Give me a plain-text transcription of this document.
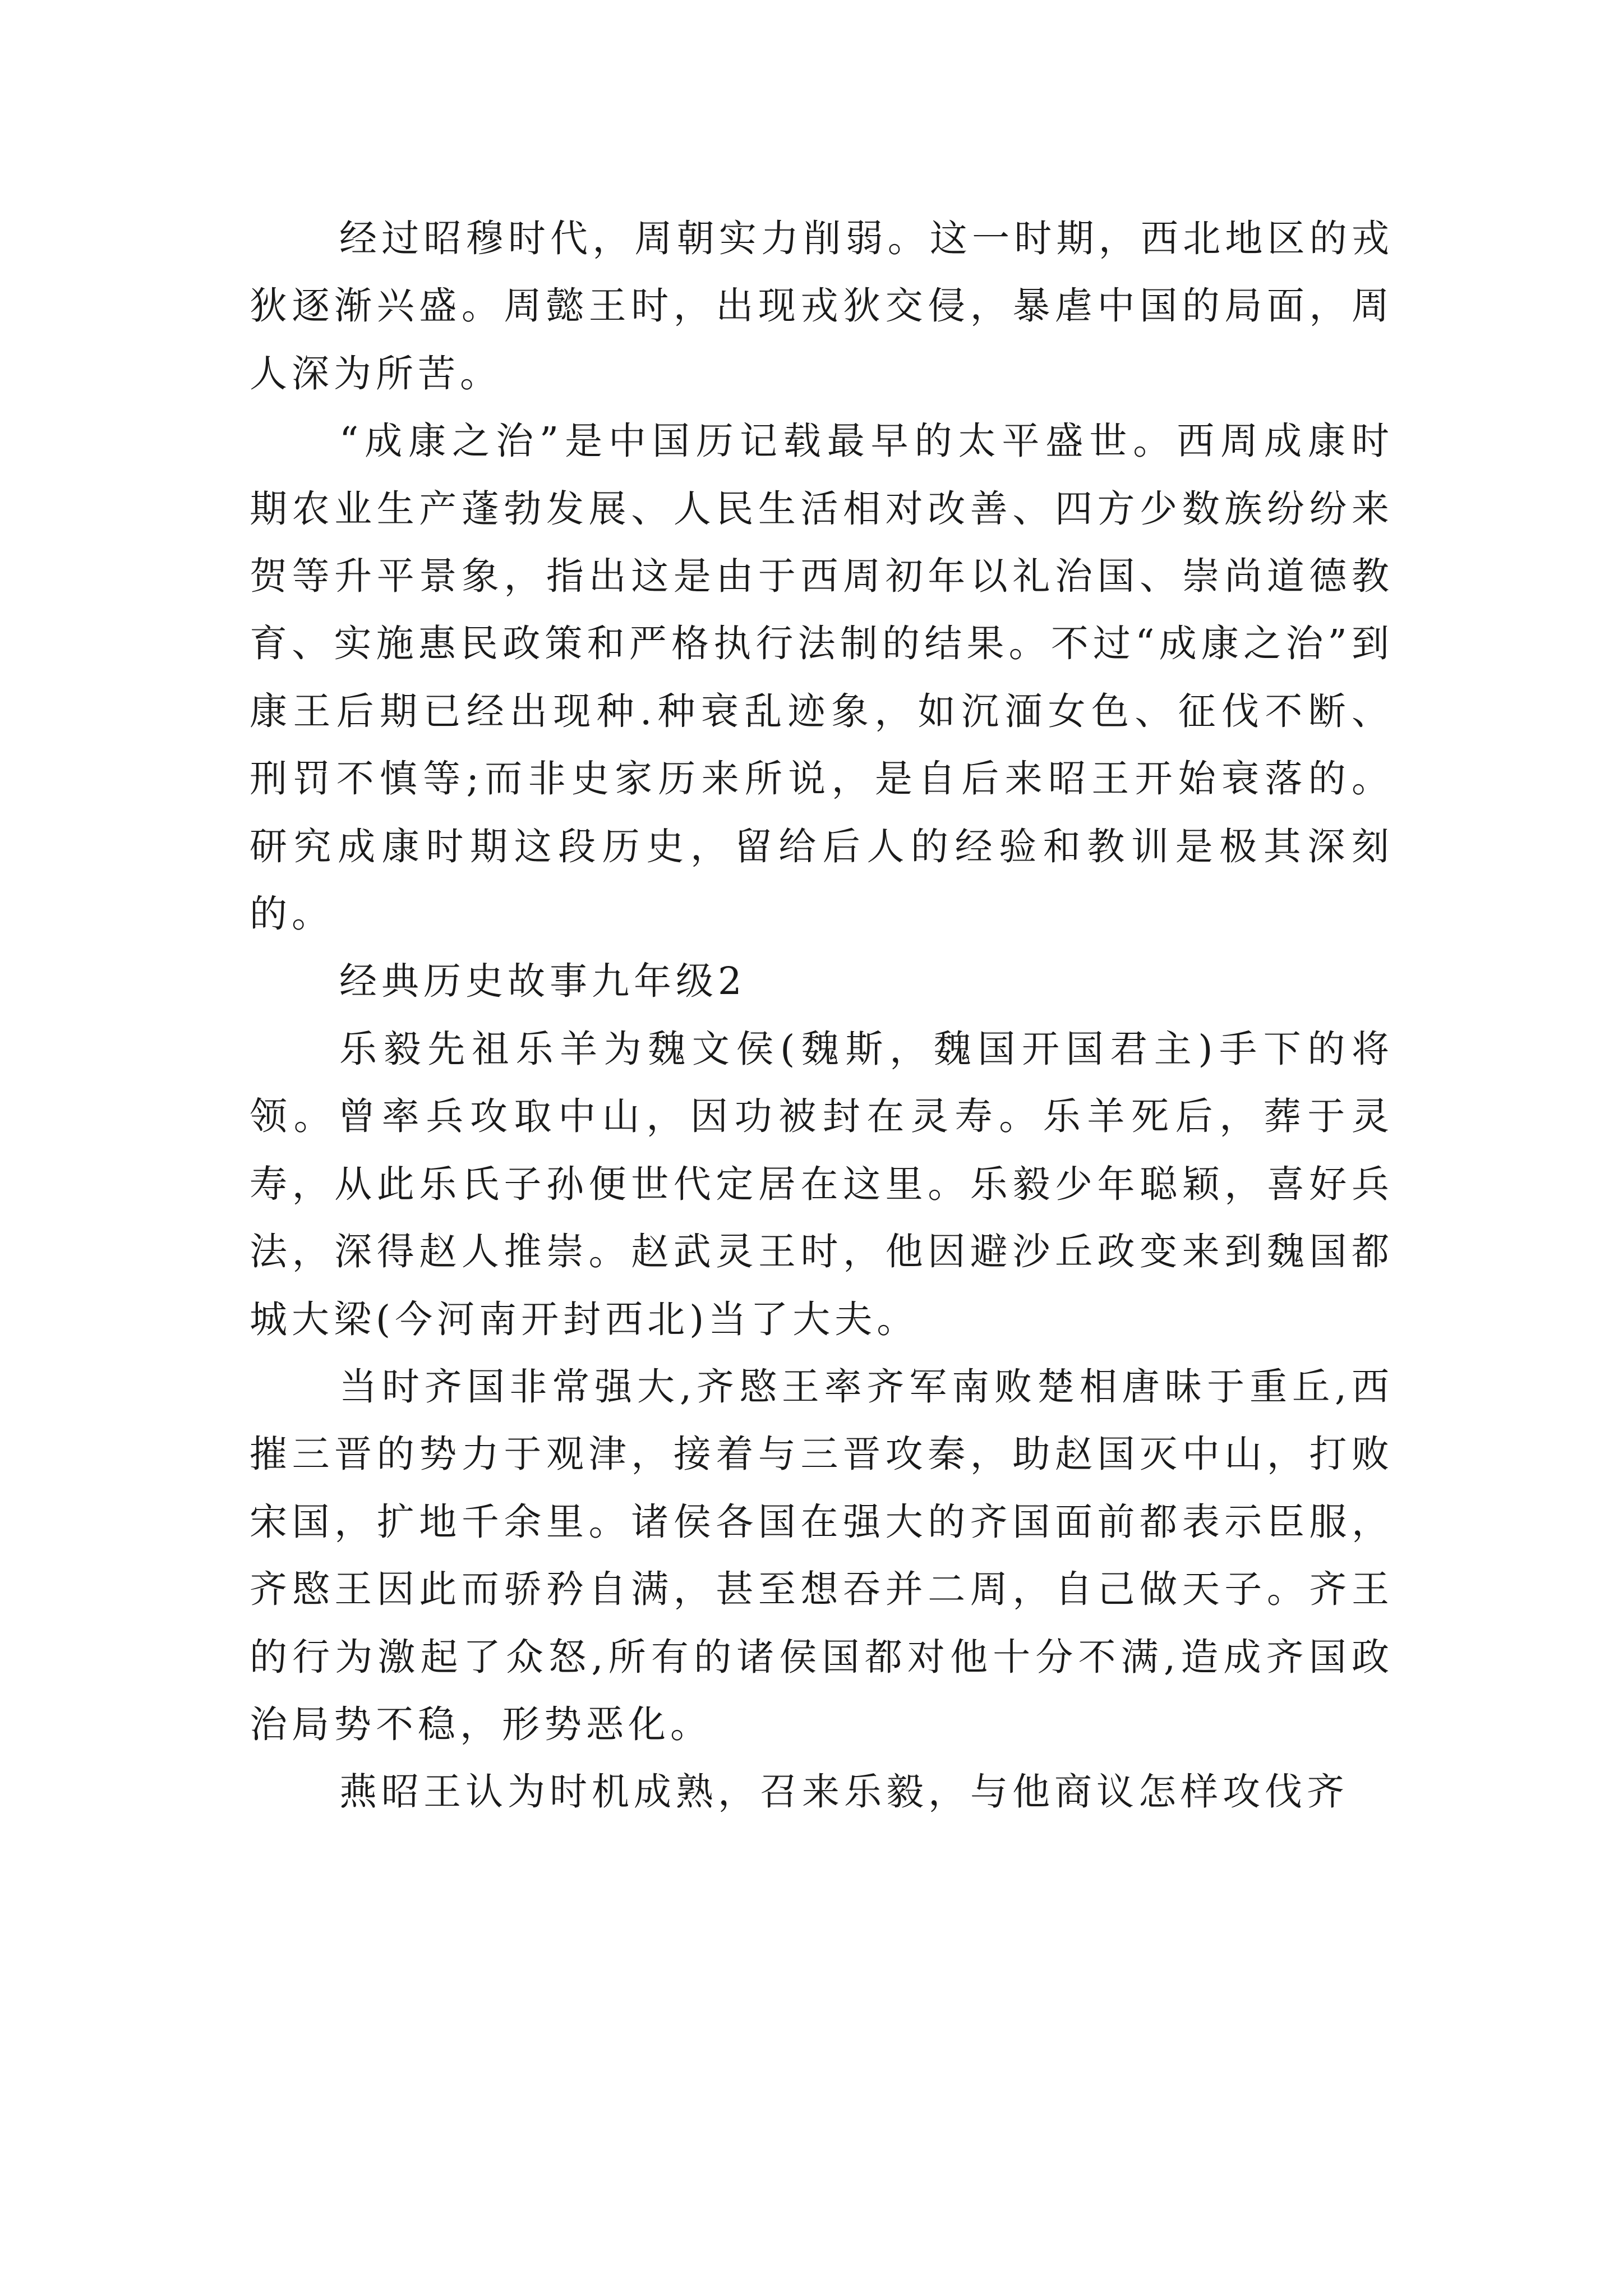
经过昭穆时代，周朝实力削弱。这一时期，西北地区的戎狄逐渐兴盛。周懿王时，出现戎狄交侵，暴虐中国的局面，周人深为所苦。

“成康之治”是中国历记载最早的太平盛世。西周成康时期农业生产蓬勃发展、人民生活相对改善、四方少数族纷纷来贺等升平景象，指出这是由于西周初年以礼治国、崇尚道德教育、实施惠民政策和严格执行法制的结果。不过“成康之治”到康王后期已经出现种.种衰乱迹象，如沉湎女色、征伐不断、刑罚不慎等;而非史家历来所说，是自后来昭王开始衰落的。研究成康时期这段历史，留给后人的经验和教训是极其深刻的。

经典历史故事九年级2

乐毅先祖乐羊为魏文侯(魏斯，魏国开国君主)手下的将领。曾率兵攻取中山，因功被封在灵寿。乐羊死后，葬于灵寿，从此乐氏子孙便世代定居在这里。乐毅少年聪颖，喜好兵法，深得赵人推崇。赵武灵王时，他因避沙丘政变来到魏国都城大梁(今河南开封西北)当了大夫。

当时齐国非常强大,齐愍王率齐军南败楚相唐昧于重丘,西摧三晋的势力于观津，接着与三晋攻秦，助赵国灭中山，打败宋国，扩地千余里。诸侯各国在强大的齐国面前都表示臣服，齐愍王因此而骄矜自满，甚至想吞并二周，自己做天子。齐王的行为激起了众怒,所有的诸侯国都对他十分不满,造成齐国政治局势不稳，形势恶化。

燕昭王认为时机成熟，召来乐毅，与他商议怎样攻伐齐
